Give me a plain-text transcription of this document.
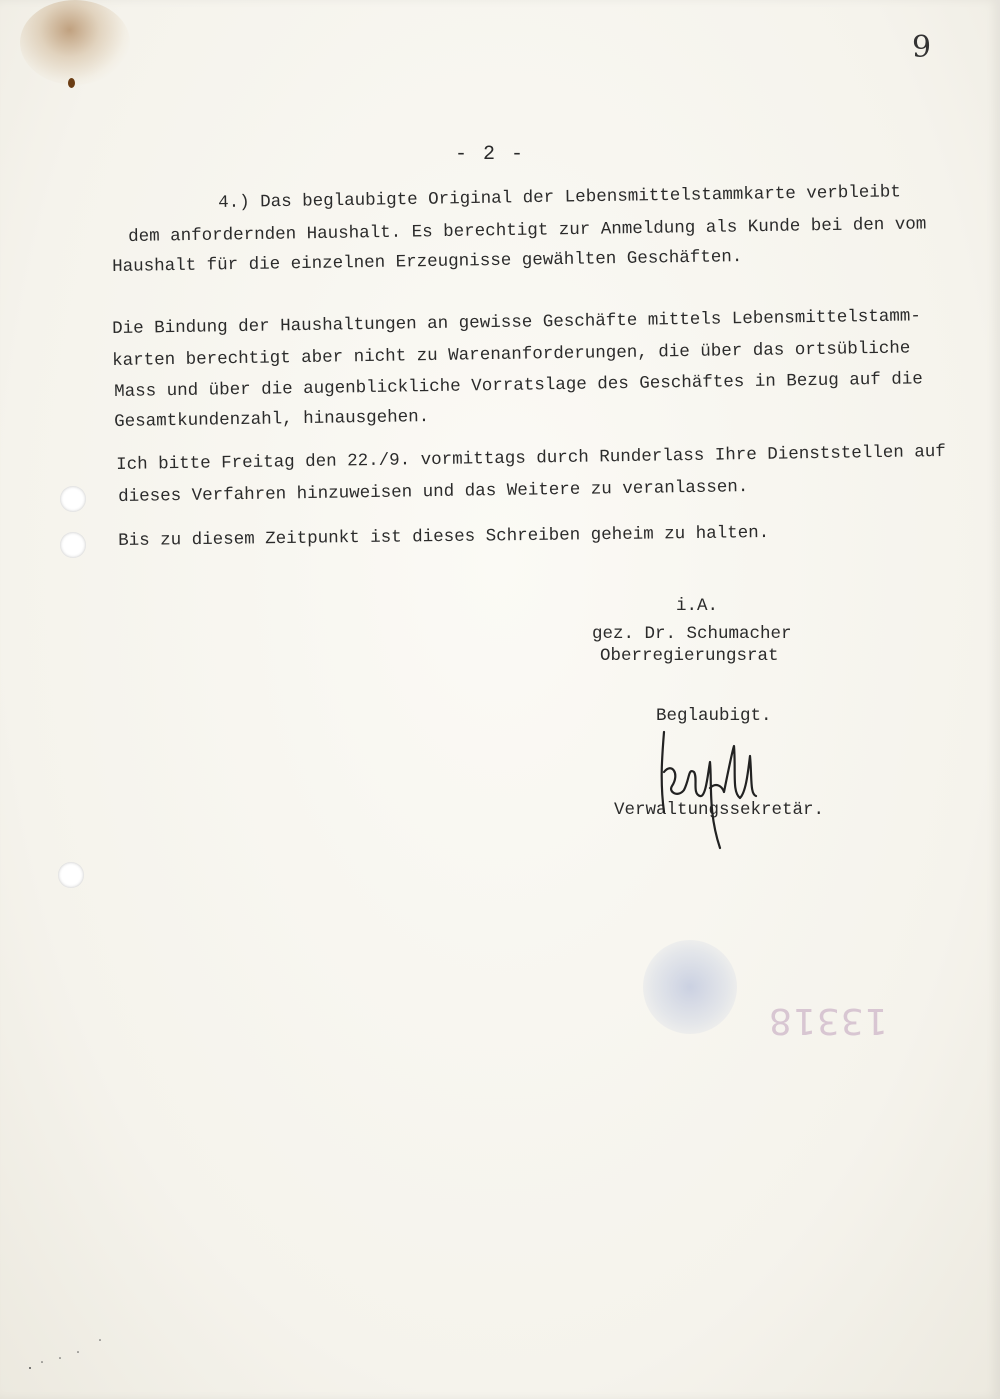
9
- 2 -
4.) Das beglaubigte Original der Lebensmittelstammkarte verbleibt
dem anfordernden Haushalt. Es berechtigt zur Anmeldung als Kunde bei den vom
Haushalt für die einzelnen Erzeugnisse gewählten Geschäften.
Die Bindung der Haushaltungen an gewisse Geschäfte mittels Lebensmittelstamm-
karten berechtigt aber nicht zu Warenanforderungen, die über das ortsübliche
Mass und über die augenblickliche Vorratslage des Geschäftes in Bezug auf die
Gesamtkundenzahl, hinausgehen.
Ich bitte Freitag den 22./9. vormittags durch Runderlass Ihre Dienststellen auf
dieses Verfahren hinzuweisen und das Weitere zu veranlassen.
Bis zu diesem Zeitpunkt ist dieses Schreiben geheim zu halten.
i.A.
gez. Dr. Schumacher
Oberregierungsrat
Beglaubigt.
Verwaltungssekretär.
13318
